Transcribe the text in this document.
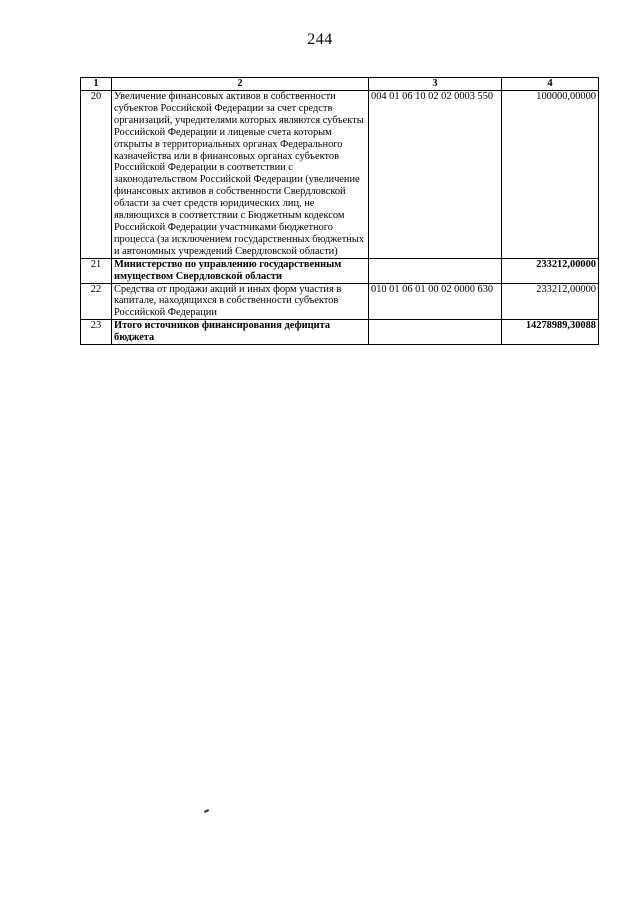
244
1	2	3	4
20	Увеличение финансовых активов в собственности субъектов Российской Федерации за счет средств организаций, учредителями которых являются субъекты Российской Федерации и лицевые счета которым открыты в территориальных органах Федерального казначейства или в финансовых органах субъектов Российской Федерации в соответствии с законодательством Российской Федерации (увеличение финансовых активов в собственности Свердловской области за счет средств юридических лиц, не являющихся в соответствии с Бюджетным кодексом Российской Федерации участниками бюджетного процесса (за исключением государственных бюджетных и автономных учреждений Свердловской области)	004 01 06 10 02 02 0003 550	100000,00000
21	Министерство по управлению государственным имуществом Свердловской области		233212,00000
22	Средства от продажи акций и иных форм участия в капитале, находящихся в собственности субъектов Российской Федерации	010 01 06 01 00 02 0000 630	233212,00000
23	Итого источников финансирования дефицита бюджета		14278989,30088
